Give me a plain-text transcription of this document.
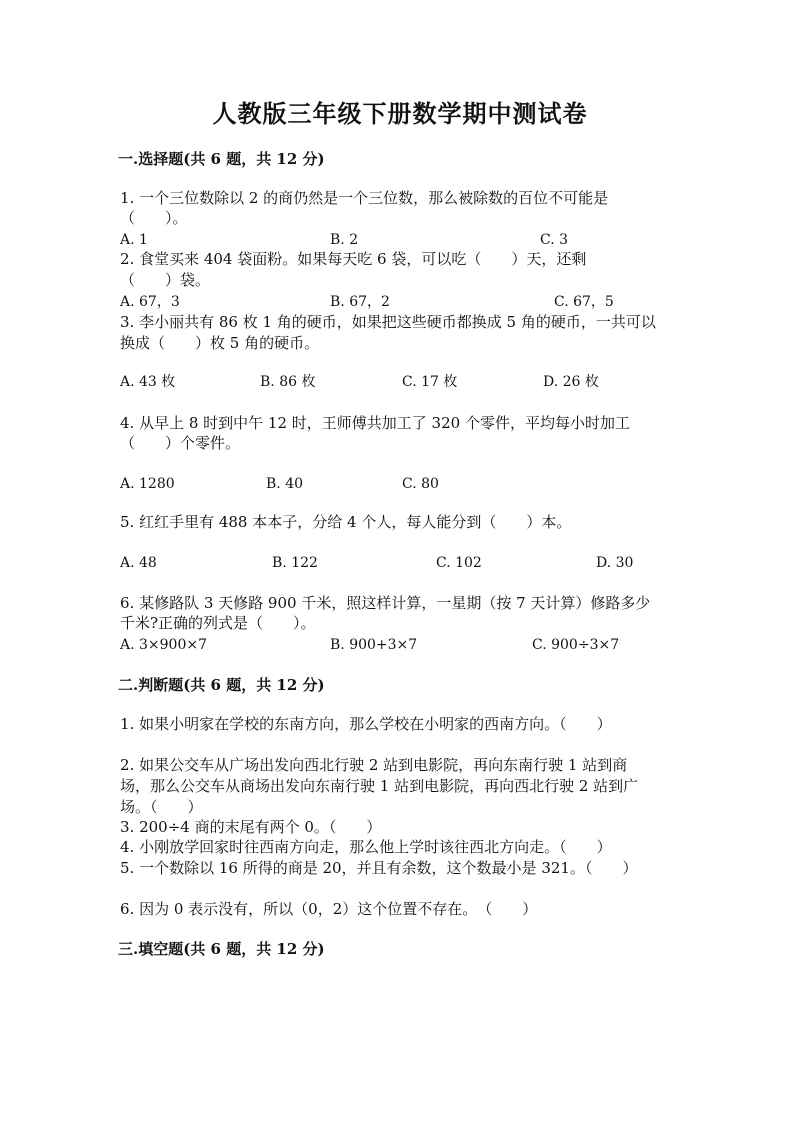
人教版三年级下册数学期中测试卷
一.选择题(共 6 题，共 12 分)
1. 一个三位数除以 2 的商仍然是一个三位数，那么被除数的百位不可能是
（　　）。
A. 1	B. 2	C. 3
2. 食堂买来 404 袋面粉。如果每天吃 6 袋，可以吃（　　）天，还剩
（　　）袋。
A. 67，3	B. 67，2	C. 67，5
3. 李小丽共有 86 枚 1 角的硬币，如果把这些硬币都换成 5 角的硬币，一共可以
换成（　　）枚 5 角的硬币。
A. 43 枚	B. 86 枚	C. 17 枚	D. 26 枚
4. 从早上 8 时到中午 12 时，王师傅共加工了 320 个零件，平均每小时加工
（　　）个零件。
A. 1280	B. 40	C. 80
5. 红红手里有 488 本本子，分给 4 个人，每人能分到（　　）本。
A. 48	B. 122	C. 102	D. 30
6. 某修路队 3 天修路 900 千米，照这样计算，一星期（按 7 天计算）修路多少
千米?正确的列式是（　　）。
A. 3×900×7	B. 900+3×7	C. 900÷3×7
二.判断题(共 6 题，共 12 分)
1. 如果小明家在学校的东南方向，那么学校在小明家的西南方向。（　　）
2. 如果公交车从广场出发向西北行驶 2 站到电影院，再向东南行驶 1 站到商
场，那么公交车从商场出发向东南行驶 1 站到电影院，再向西北行驶 2 站到广
场。（　　）
3. 200÷4 商的末尾有两个 0。（　　）
4. 小刚放学回家时往西南方向走，那么他上学时该往西北方向走。（　　）
5. 一个数除以 16 所得的商是 20，并且有余数，这个数最小是 321。（　　）
6. 因为 0 表示没有，所以（0，2）这个位置不存在。　（　　）
三.填空题(共 6 题，共 12 分)
